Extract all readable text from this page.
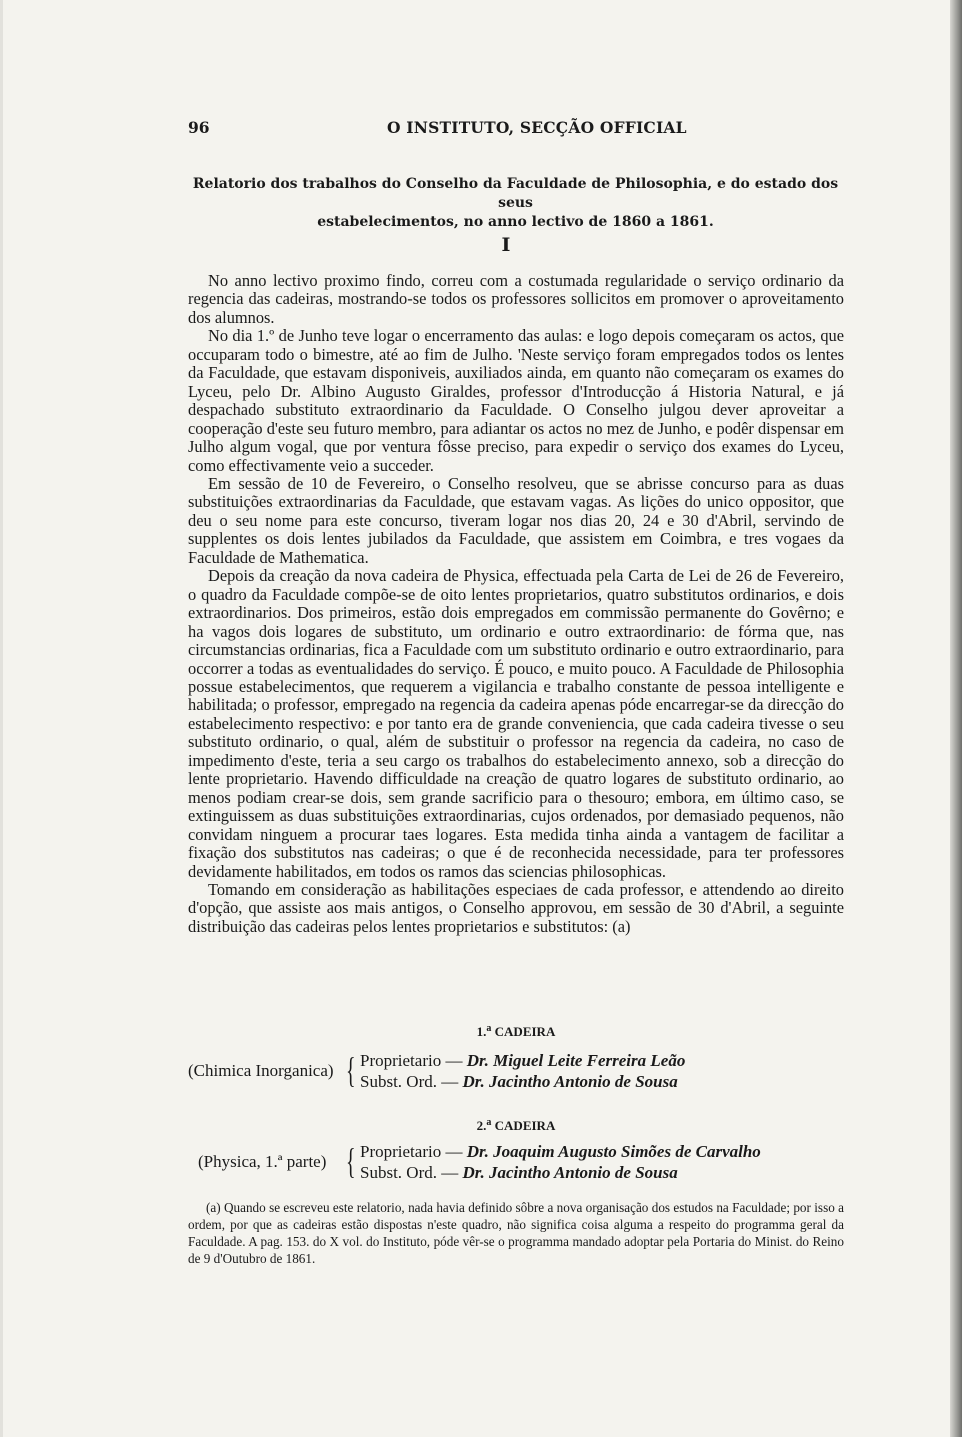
96	O INSTITUTO, SECÇÃO OFFICIAL
Relatorio dos trabalhos do Conselho da Faculdade de Philosophia, e do estado dos seus
estabelecimentos, no anno lectivo de 1860 a 1861.
I

No anno lectivo proximo findo, correu com a costumada regularidade o serviço ordinario da regencia das cadeiras, mostrando-se todos os professores sollicitos em promover o aproveitamento dos alumnos.

No dia 1.º de Junho teve logar o encerramento das aulas: e logo depois começaram os actos, que occuparam todo o bimestre, até ao fim de Julho. 'Neste serviço foram empregados todos os lentes da Faculdade, que estavam disponiveis, auxiliados ainda, em quanto não começaram os exames do Lyceu, pelo Dr. Albino Augusto Giraldes, professor d'Introducção á Historia Natural, e já despachado substituto extraordinario da Faculdade. O Conselho julgou dever aproveitar a cooperação d'este seu futuro membro, para adiantar os actos no mez de Junho, e podêr dispensar em Julho algum vogal, que por ventura fôsse preciso, para expedir o serviço dos exames do Lyceu, como effectivamente veio a succeder.

Em sessão de 10 de Fevereiro, o Conselho resolveu, que se abrisse concurso para as duas substituições extraordinarias da Faculdade, que estavam vagas. As lições do unico oppositor, que deu o seu nome para este concurso, tiveram logar nos dias 20, 24 e 30 d'Abril, servindo de supplentes os dois lentes jubilados da Faculdade, que assistem em Coimbra, e tres vogaes da Faculdade de Mathematica.

Depois da creação da nova cadeira de Physica, effectuada pela Carta de Lei de 26 de Fevereiro, o quadro da Faculdade compõe-se de oito lentes proprietarios, quatro substitutos ordinarios, e dois extraordinarios. Dos primeiros, estão dois empregados em commissão permanente do Govêrno; e ha vagos dois logares de substituto, um ordinario e outro extraordinario: de fórma que, nas circumstancias ordinarias, fica a Faculdade com um substituto ordinario e outro extraordinario, para occorrer a todas as eventualidades do serviço. É pouco, e muito pouco. A Faculdade de Philosophia possue estabelecimentos, que requerem a vigilancia e trabalho constante de pessoa intelligente e habilitada; o professor, empregado na regencia da cadeira apenas póde encarregar-se da direcção do estabelecimento respectivo: e por tanto era de grande conveniencia, que cada cadeira tivesse o seu substituto ordinario, o qual, além de substituir o professor na regencia da cadeira, no caso de impedimento d'este, teria a seu cargo os trabalhos do estabelecimento annexo, sob a direcção do lente proprietario. Havendo difficuldade na creação de quatro logares de substituto ordinario, ao menos podiam crear-se dois, sem grande sacrificio para o thesouro; embora, em último caso, se extinguissem as duas substituições extraordinarias, cujos ordenados, por demasiado pequenos, não convidam ninguem a procurar taes logares. Esta medida tinha ainda a vantagem de facilitar a fixação dos substitutos nas cadeiras; o que é de reconhecida necessidade, para ter professores devidamente habilitados, em todos os ramos das sciencias philosophicas.

Tomando em consideração as habilitações especiaes de cada professor, e attendendo ao direito d'opção, que assiste aos mais antigos, o Conselho approvou, em sessão de 30 d'Abril, a seguinte distribuição das cadeiras pelos lentes proprietarios e substitutos: (a)

1.$^a$ CADEIRA
(Chimica Inorganica) { Proprietario — Dr. Miguel Leite Ferreira Leão
Subst. Ord. — Dr. Jacintho Antonio de Sousa
2.$^a$ CADEIRA
(Physica, 1.ª parte) { Proprietario — Dr. Joaquim Augusto Simões de Carvalho
Subst. Ord. — Dr. Jacintho Antonio de Sousa

(a) Quando se escreveu este relatorio, nada havia definido sôbre a nova organisação dos estudos na Faculdade; por isso a ordem, por que as cadeiras estão dispostas n'este quadro, não significa coisa alguma a respeito do programma geral da Faculdade. A pag. 153. do X vol. do Instituto, póde vêr-se o programma mandado adoptar pela Portaria do Minist. do Reino de 9 d'Outubro de 1861.
